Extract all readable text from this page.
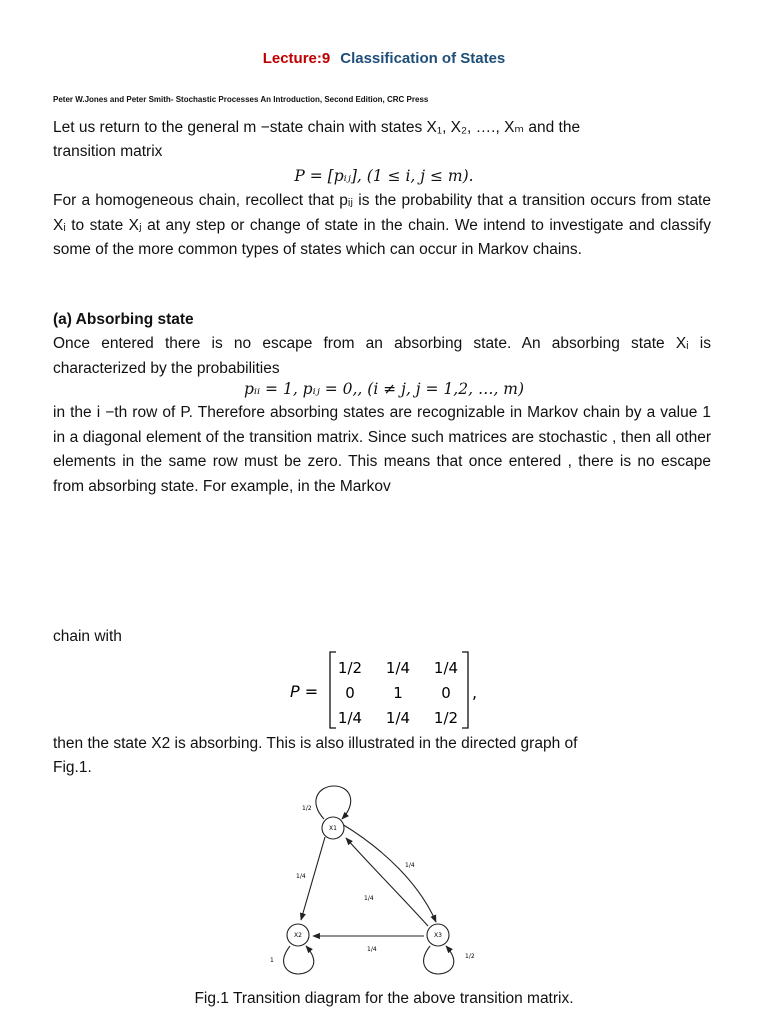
Lecture:9 Classification of States
Peter W.Jones and Peter Smith- Stochastic Processes An Introduction, Second Edition, CRC Press

Let us return to the general m −state chain with states X₁, X₂, …., Xₘ and the

transition matrix

P = [pᵢⱼ], (1 ≤ i, j ≤ m).

For a homogeneous chain, recollect that pᵢⱼ is the probability that a transition occurs from state Xᵢ to state Xⱼ at any step or change of state in the chain. We intend to investigate and classify some of the more common types of states which can occur in Markov chains.

(a) Absorbing state

Once entered there is no escape from an absorbing state. An absorbing state Xᵢ is characterized by the probabilities

pᵢᵢ = 1, pᵢⱼ = 0,, (i ≠ j, j = 1,2, …, m)

in the i −th row of P. Therefore absorbing states are recognizable in Markov chain by a value 1 in a diagonal element of the transition matrix. Since such matrices are stochastic , then all other elements in the same row must be zero. This means that once entered , there is no escape from absorbing state. For example, in the Markov

chain with

P =
1/2 1/4 1/4
0	1	0
1/4 1/4 1/2
,

then the state X2 is absorbing. This is also illustrated in the directed graph of

Fig.1.

X1
X2	X3
1/2
1/4
1/4
1/4
1/4
1
1/2
Fig.1 Transition diagram for the above transition matrix.
